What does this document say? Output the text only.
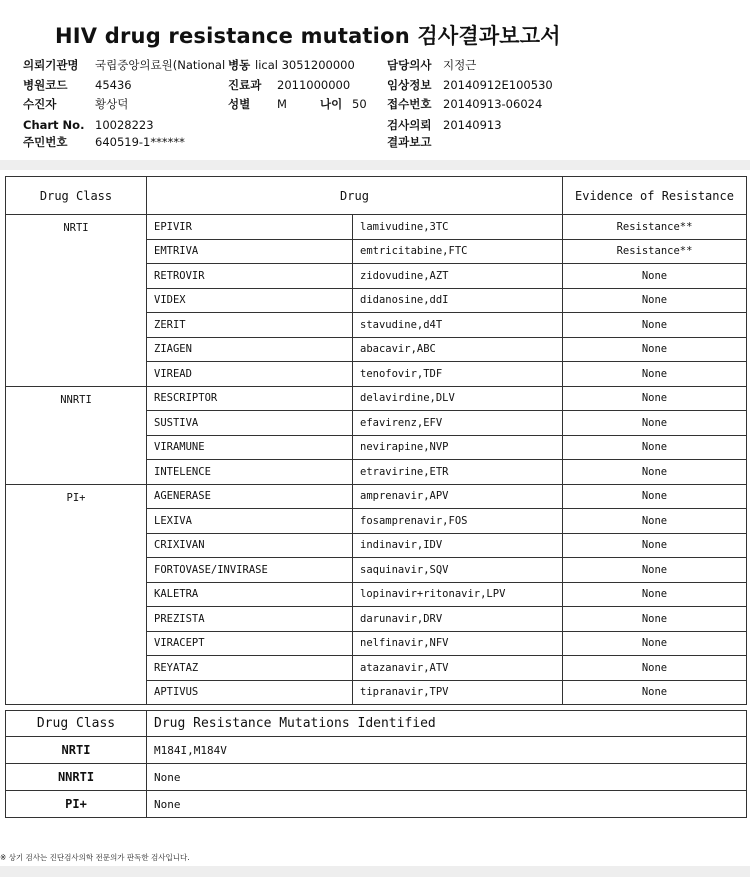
HIV drug resistance mutation 검사결과보고서
의뢰기관명 국립중앙의료원(National 병동 lical 3051200000	담당의사 지정근
병원코드 45436	진료과 2011000000	임상정보 20140912E100530
수진자	황상덕	성별 M	나이 50 접수번호 20140913-06024
Chart No. 10028223	검사의뢰 20140913
주민번호 640519-1******	결과보고
Drug Class	Drug		Evidence of Resistance
NRTI	EPIVIR	lamivudine,3TC	Resistance**
	EMTRIVA	emtricitabine,FTC	Resistance**
	RETROVIR	zidovudine,AZT	None
	VIDEX	didanosine,ddI	None
	ZERIT	stavudine,d4T	None
	ZIAGEN	abacavir,ABC	None
	VIREAD	tenofovir,TDF	None
NNRTI	RESCRIPTOR	delavirdine,DLV	None
	SUSTIVA	efavirenz,EFV	None
	VIRAMUNE	nevirapine,NVP	None
	INTELENCE	etravirine,ETR	None
PI+	AGENERASE	amprenavir,APV	None
	LEXIVA	fosamprenavir,FOS	None
	CRIXIVAN	indinavir,IDV	None
	FORTOVASE/INVIRASE	saquinavir,SQV	None
	KALETRA	lopinavir+ritonavir,LPV	None
	PREZISTA	darunavir,DRV	None
	VIRACEPT	nelfinavir,NFV	None
	REYATAZ	atazanavir,ATV	None
	APTIVUS	tipranavir,TPV	None
Drug Class	Drug Resistance Mutations Identified
NRTI	M184I,M184V
NNRTI	None
PI+	None
※ 상기 검사는 진단검사의학 전문의가 판독한 검사입니다.
